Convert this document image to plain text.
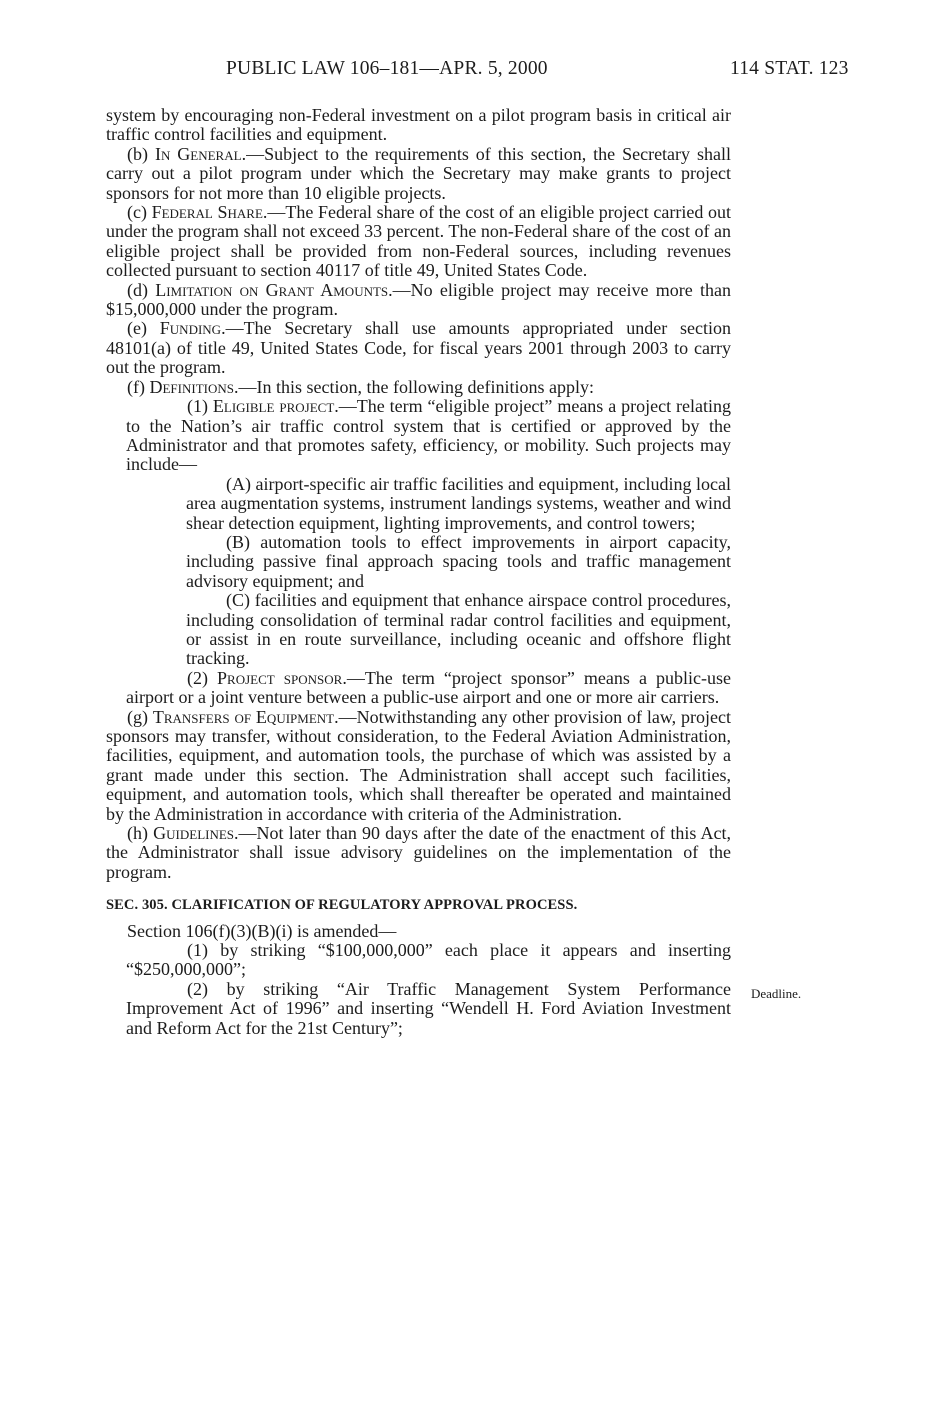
PUBLIC LAW 106–181—APR. 5, 2000	114 STAT. 123

system by encouraging non-Federal investment on a pilot program basis in critical air traffic control facilities and equipment.

(b) In General.—Subject to the requirements of this section, the Secretary shall carry out a pilot program under which the Secretary may make grants to project sponsors for not more than 10 eligible projects.

(c) Federal Share.—The Federal share of the cost of an eligible project carried out under the program shall not exceed 33 percent. The non-Federal share of the cost of an eligible project shall be provided from non-Federal sources, including revenues collected pursuant to section 40117 of title 49, United States Code.

(d) Limitation on Grant Amounts.—No eligible project may receive more than $15,000,000 under the program.

(e) Funding.—The Secretary shall use amounts appropriated under section 48101(a) of title 49, United States Code, for fiscal years 2001 through 2003 to carry out the program.

(f) Definitions.—In this section, the following definitions apply:

(1) Eligible project.—The term “eligible project” means a project relating to the Nation’s air traffic control system that is certified or approved by the Administrator and that promotes safety, efficiency, or mobility. Such projects may include—

(A) airport-specific air traffic facilities and equipment, including local area augmentation systems, instrument landings systems, weather and wind shear detection equipment, lighting improvements, and control towers;

(B) automation tools to effect improvements in airport capacity, including passive final approach spacing tools and traffic management advisory equipment; and

(C) facilities and equipment that enhance airspace control procedures, including consolidation of terminal radar control facilities and equipment, or assist in en route surveillance, including oceanic and offshore flight tracking.

(2) Project sponsor.—The term “project sponsor” means a public-use airport or a joint venture between a public-use airport and one or more air carriers.

(g) Transfers of Equipment.—Notwithstanding any other provision of law, project sponsors may transfer, without consideration, to the Federal Aviation Administration, facilities, equipment, and automation tools, the purchase of which was assisted by a grant made under this section. The Administration shall accept such facilities, equipment, and automation tools, which shall thereafter be operated and maintained by the Administration in accordance with criteria of the Administration.

(h) Guidelines.—Not later than 90 days after the date of the enactment of this Act, the Administrator shall issue advisory guidelines on the implementation of the program.

SEC. 305. CLARIFICATION OF REGULATORY APPROVAL PROCESS.

Section 106(f)(3)(B)(i) is amended—

(1) by striking “$100,000,000” each place it appears and inserting “$250,000,000”;

(2) by striking “Air Traffic Management System Performance Improvement Act of 1996” and inserting “Wendell H. Ford Aviation Investment and Reform Act for the 21st Century”;

Deadline.
